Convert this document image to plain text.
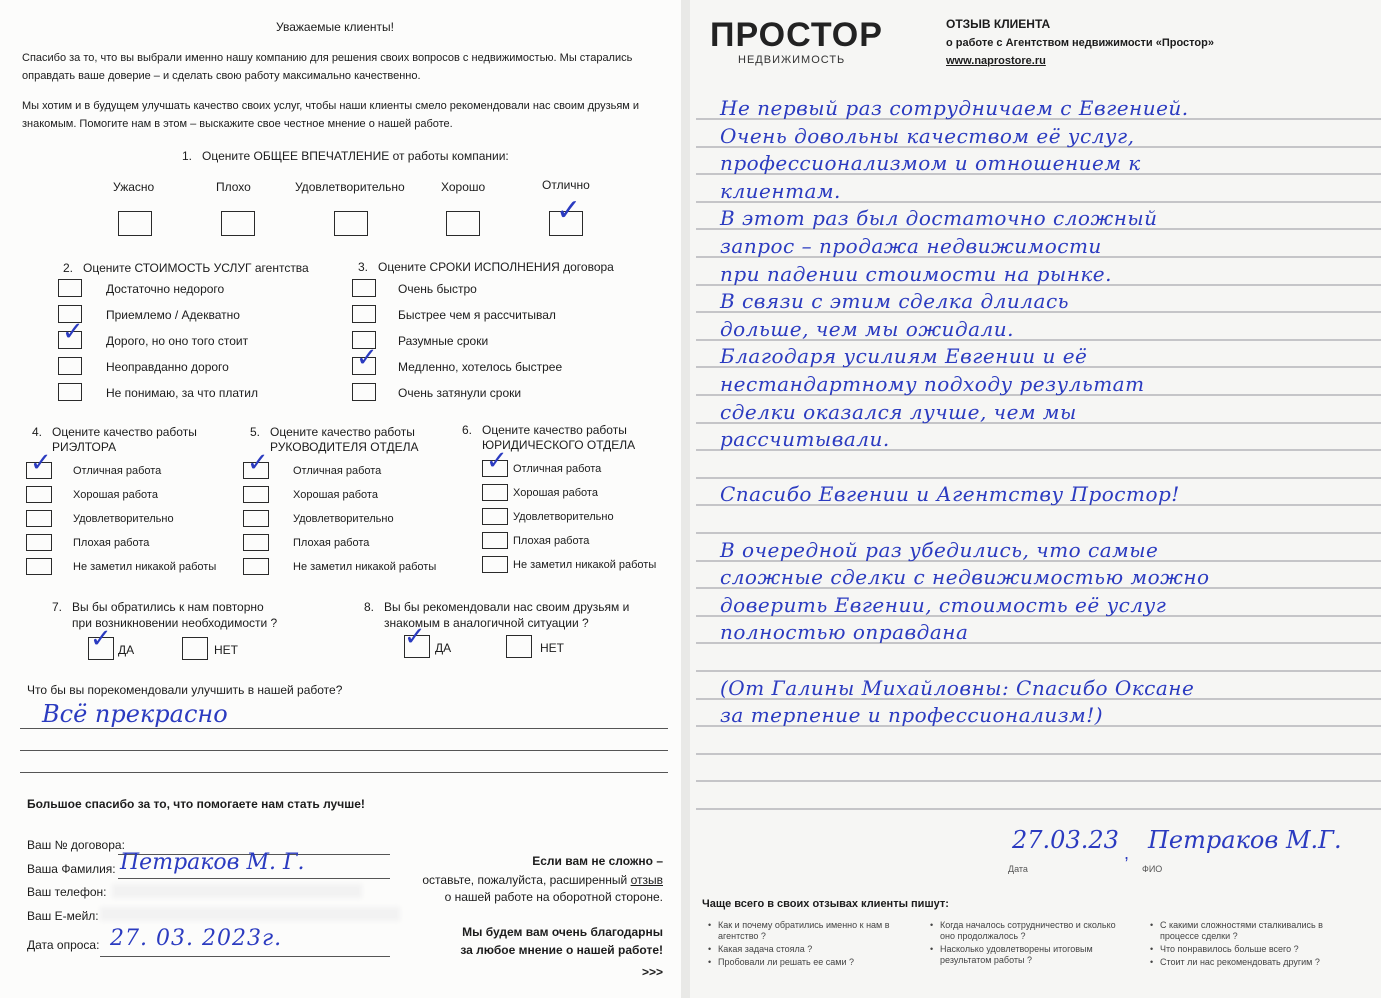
Уважаемые клиенты!
Спасибо за то, что вы выбрали именно нашу компанию для решения своих вопросов с недвижимостью. Мы старались оправдать ваше доверие – и сделать свою работу максимально качественно.
Мы хотим и в будущем улучшать качество своих услуг, чтобы наши клиенты смело рекомендовали нас своим друзьям и знакомым. Помогите нам в этом – выскажите свое честное мнение о нашей работе.
1. Оцените ОБЩЕЕ ВПЕЧАТЛЕНИЕ от работы компании:
Ужасно	Плохо	Удовлетворительно	Хорошо	Отлично
✓
2. Оцените СТОИМОСТЬ УСЛУГ агентства
Достаточно недорого
Приемлемо / Адекватно
Дорого, но оно того стоит
✓
Неоправданно дорого
Не понимаю, за что платил
3. Оцените СРОКИ ИСПОЛНЕНИЯ договора
Очень быстро
Быстрее чем я рассчитывал
Разумные сроки
Медленно, хотелось быстрее
✓
Очень затянули сроки
4. Оцените качество работы
РИЭЛТОРА
5. Оцените качество работы
РУКОВОДИТЕЛЯ ОТДЕЛА
6. Оцените качество работы
ЮРИДИЧЕСКОГО ОТДЕЛА
Отличная работа
✓
Хорошая работа
Удовлетворительно
Плохая работа
Не заметил никакой работы
Отличная работа
✓
Хорошая работа
Удовлетворительно
Плохая работа
Не заметил никакой работы
Отличная работа
✓
Хорошая работа
Удовлетворительно
Плохая работа
Не заметил никакой работы
7. Вы бы обратились к нам повторно
при возникновении необходимости ?
✓ ДА	НЕТ
8. Вы бы рекомендовали нас своим друзьям и
знакомым в аналогичной ситуации ?
✓ ДА	НЕТ
Что бы вы порекомендовали улучшить в нашей работе?
Всё прекрасно
Большое спасибо за то, что помогаете нам стать лучше!
Ваш № договора:
Ваша Фамилия: Петраков М. Г.
Ваш телефон:
Ваш Е-мейл:
Дата опроса: 27. 03. 2023г.
Если вам не сложно –
оставьте, пожалуйста, расширенный отзыв
о нашей работе на оборотной стороне.
Мы будем вам очень благодарны
за любое мнение о нашей работе!
>>>
ПРОСТОР
НЕДВИЖИМОСТЬ
ОТЗЫВ КЛИЕНТА
о работе с Агентством недвижимости «Простор»
www.naprostore.ru
Не первый раз сотрудничаем с Евгенией.
Очень довольны качеством её услуг,
профессионализмом и отношением к
клиентам.
В этот раз был достаточно сложный
запрос – продажа недвижимости
при падении стоимости на рынке.
В связи с этим сделка длилась
дольше, чем мы ожидали.
Благодаря усилиям Евгении и её
нестандартному подходу результат
сделки оказался лучше, чем мы
рассчитывали.
Спасибо Евгении и Агентству Простор!
В очередной раз убедились, что самые
сложные сделки с недвижимостью можно
доверить Евгении, стоимость её услуг
полностью оправдана
(От Галины Михайловны: Спасибо Оксане
за терпение и профессионализм!)
27.03.23 , Петраков М.Г.
Дата	ФИО
Чаще всего в своих отзывах клиенты пишут:
• Как и почему обратились именно к нам в агентство ?
• Какая задача стояла ?
• Пробовали ли решать ее сами ?
• Когда началось сотрудничество и сколько оно продолжалось ?
• Насколько удовлетворены итоговым результатом работы ?
• С какими сложностями сталкивались в процессе сделки ?
• Что понравилось больше всего ?
• Стоит ли нас рекомендовать другим ?
